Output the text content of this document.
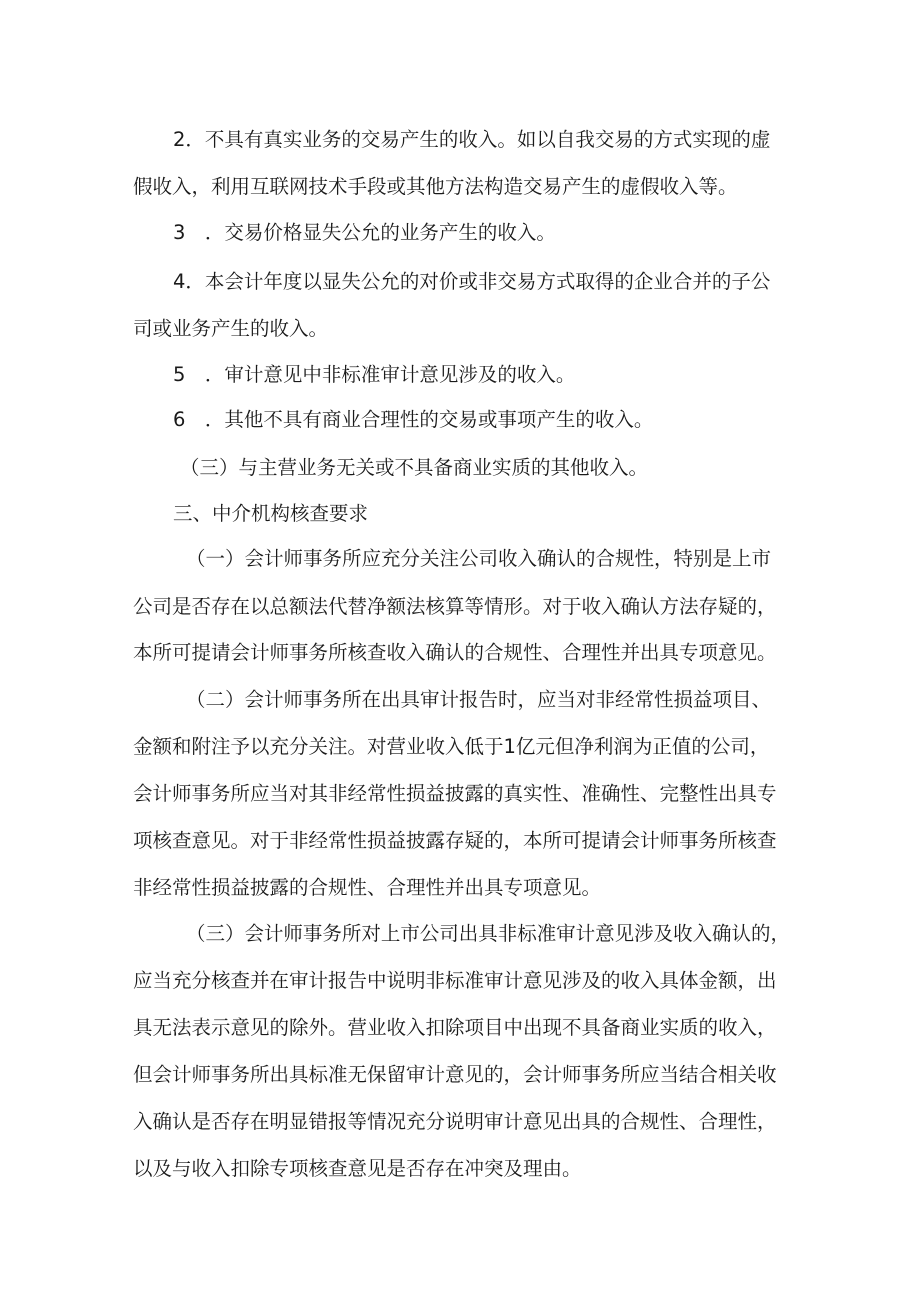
2．不具有真实业务的交易产生的收入。如以自我交易的方式实现的虚
假收入，利用互联网技术手段或其他方法构造交易产生的虚假收入等。
3　．交易价格显失公允的业务产生的收入。
4．本会计年度以显失公允的对价或非交易方式取得的企业合并的子公
司或业务产生的收入。
5　．审计意见中非标准审计意见涉及的收入。
6　．其他不具有商业合理性的交易或事项产生的收入。
（三）与主营业务无关或不具备商业实质的其他收入。
三、中介机构核查要求
（一）会计师事务所应充分关注公司收入确认的合规性，特别是上市
公司是否存在以总额法代替净额法核算等情形。对于收入确认方法存疑的，
本所可提请会计师事务所核查收入确认的合规性、合理性并出具专项意见。
（二）会计师事务所在出具审计报告时，应当对非经常性损益项目、
金额和附注予以充分关注。对营业收入低于1亿元但净利润为正值的公司，
会计师事务所应当对其非经常性损益披露的真实性、准确性、完整性出具专
项核查意见。对于非经常性损益披露存疑的，本所可提请会计师事务所核查
非经常性损益披露的合规性、合理性并出具专项意见。
（三）会计师事务所对上市公司出具非标准审计意见涉及收入确认的，
应当充分核查并在审计报告中说明非标准审计意见涉及的收入具体金额，出
具无法表示意见的除外。营业收入扣除项目中出现不具备商业实质的收入，
但会计师事务所出具标准无保留审计意见的，会计师事务所应当结合相关收
入确认是否存在明显错报等情况充分说明审计意见出具的合规性、合理性，
以及与收入扣除专项核查意见是否存在冲突及理由。
